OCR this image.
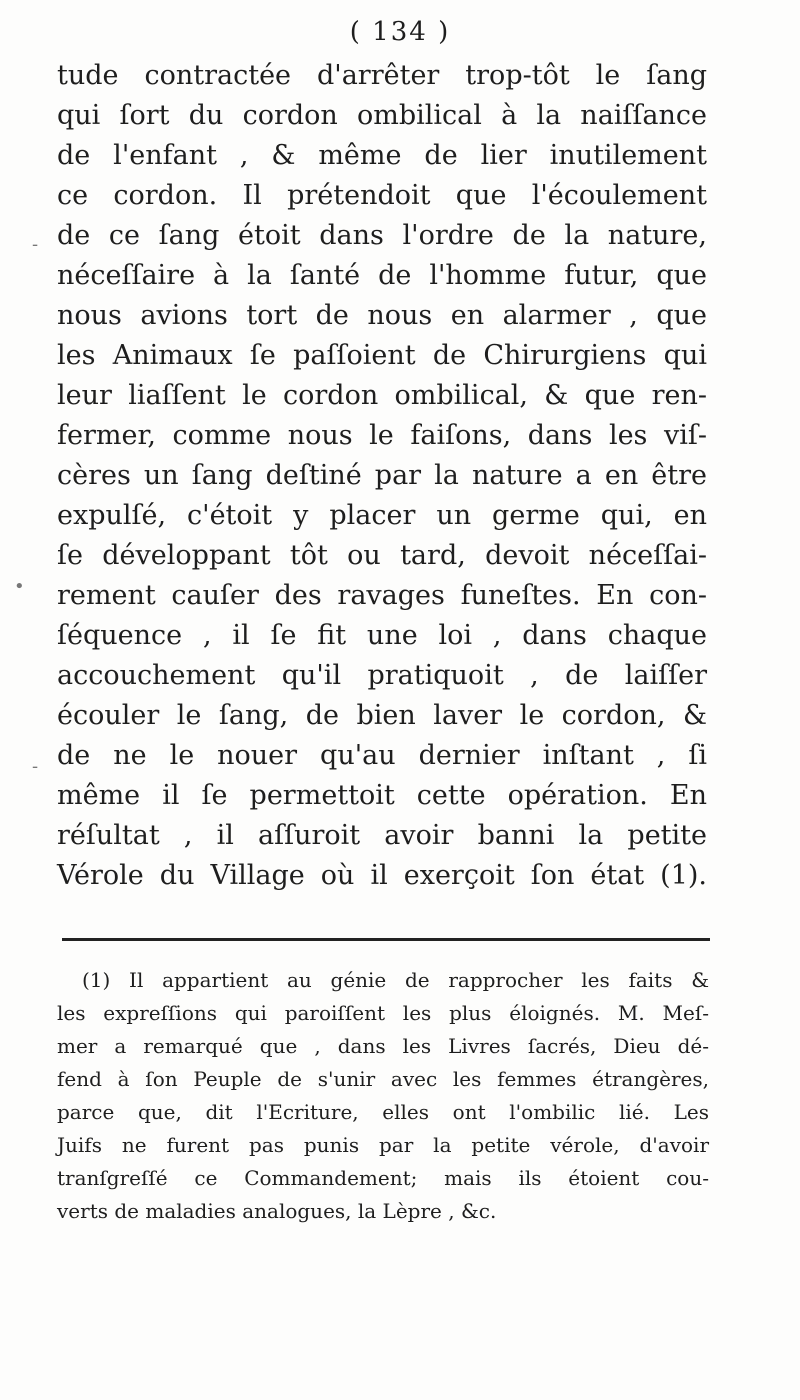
( 134 )
tude contractée d'arrêter trop-tôt le ſang
qui ſort du cordon ombilical à la naiſſance
de l'enfant , & même de lier inutilement
ce cordon. Il prétendoit que l'écoulement
de ce ſang étoit dans l'ordre de la nature,
néceſſaire à la ſanté de l'homme futur, que
nous avions tort de nous en alarmer , que
les Animaux ſe paſſoient de Chirurgiens qui
leur liaſſent le cordon ombilical, & que ren-
fermer, comme nous le faiſons, dans les viſ-
cères un ſang deſtiné par la nature a en être
expulſé, c'étoit y placer un germe qui, en
ſe développant tôt ou tard, devoit néceſſai-
rement cauſer des ravages funeſtes. En con-
ſéquence , il ſe fit une loi , dans chaque
accouchement qu'il pratiquoit , de laiſſer
écouler le ſang, de bien laver le cordon, &
de ne le nouer qu'au dernier inſtant , ſi
même il ſe permettoit cette opération. En
réſultat , il aſſuroit avoir banni la petite
Vérole du Village où il exerçoit ſon état (1).
(1) Il appartient au génie de rapprocher les faits &
les expreſſions qui paroiſſent les plus éloignés. M. Meſ-
mer a remarqué que , dans les Livres ſacrés, Dieu dé-
fend à ſon Peuple de s'unir avec les femmes étrangères,
parce que, dit l'Ecriture, elles ont l'ombilic lié. Les
Juifs ne furent pas punis par la petite vérole, d'avoir
tranſgreſſé ce Commandement; mais ils étoient cou-
verts de maladies analogues, la Lèpre , &c.
•
-
-
